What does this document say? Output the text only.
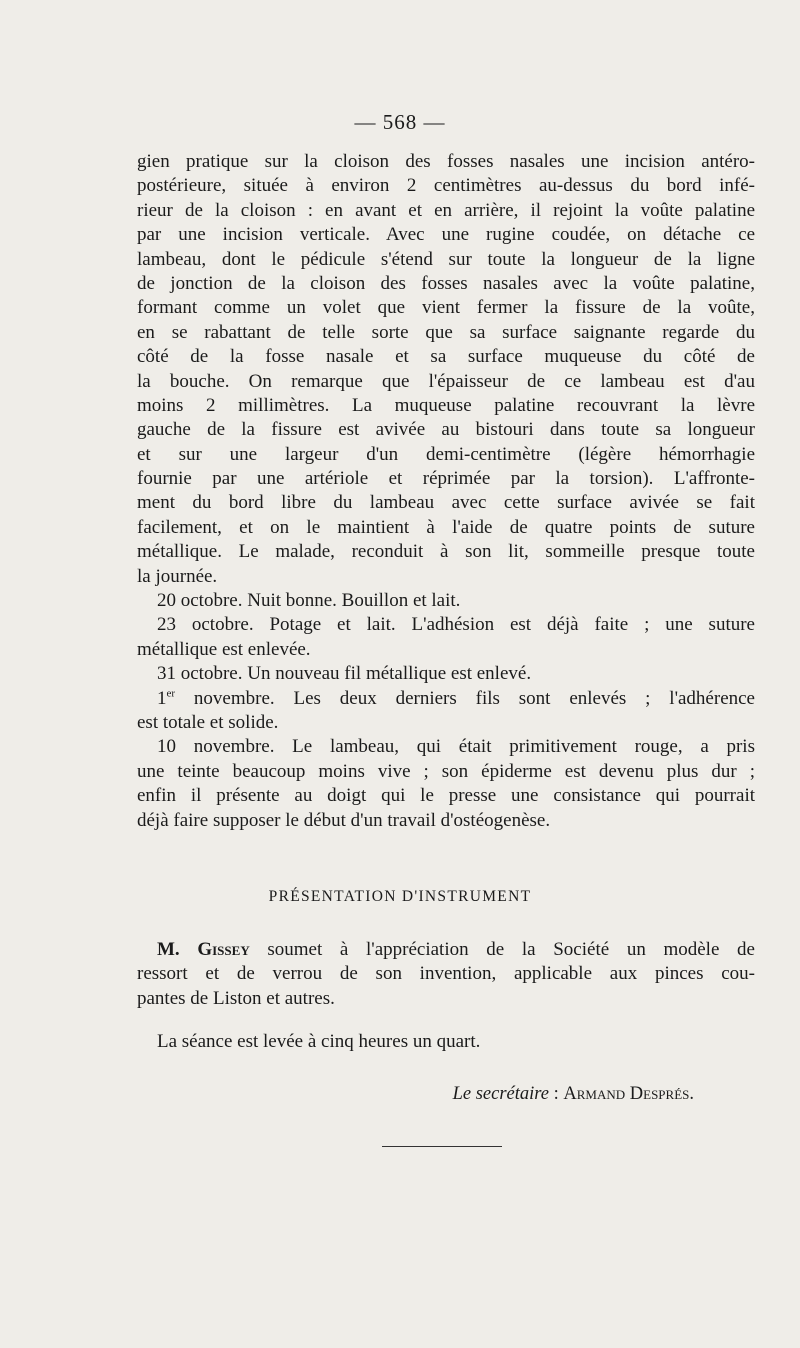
— 568 —
gien pratique sur la cloison des fosses nasales une incision antéro-
postérieure, située à environ 2 centimètres au-dessus du bord infé-
rieur de la cloison : en avant et en arrière, il rejoint la voûte palatine
par une incision verticale. Avec une rugine coudée, on détache ce
lambeau, dont le pédicule s'étend sur toute la longueur de la ligne
de jonction de la cloison des fosses nasales avec la voûte palatine,
formant comme un volet que vient fermer la fissure de la voûte,
en se rabattant de telle sorte que sa surface saignante regarde du
côté de la fosse nasale et sa surface muqueuse du côté de
la bouche. On remarque que l'épaisseur de ce lambeau est d'au
moins 2 millimètres. La muqueuse palatine recouvrant la lèvre
gauche de la fissure est avivée au bistouri dans toute sa longueur
et sur une largeur d'un demi-centimètre (légère hémorrhagie
fournie par une artériole et réprimée par la torsion). L'affronte-
ment du bord libre du lambeau avec cette surface avivée se fait
facilement, et on le maintient à l'aide de quatre points de suture
métallique. Le malade, reconduit à son lit, sommeille presque toute
la journée.
20 octobre. Nuit bonne. Bouillon et lait.
23 octobre. Potage et lait. L'adhésion est déjà faite ; une suture
métallique est enlevée.
31 octobre. Un nouveau fil métallique est enlevé.
1er novembre. Les deux derniers fils sont enlevés ; l'adhérence
est totale et solide.
10 novembre. Le lambeau, qui était primitivement rouge, a pris
une teinte beaucoup moins vive ; son épiderme est devenu plus dur ;
enfin il présente au doigt qui le presse une consistance qui pourrait
déjà faire supposer le début d'un travail d'ostéogenèse.
PRÉSENTATION D'INSTRUMENT
M. Gissey soumet à l'appréciation de la Société un modèle de
ressort et de verrou de son invention, applicable aux pinces cou-
pantes de Liston et autres.
La séance est levée à cinq heures un quart.
Le secrétaire : Armand Després.
